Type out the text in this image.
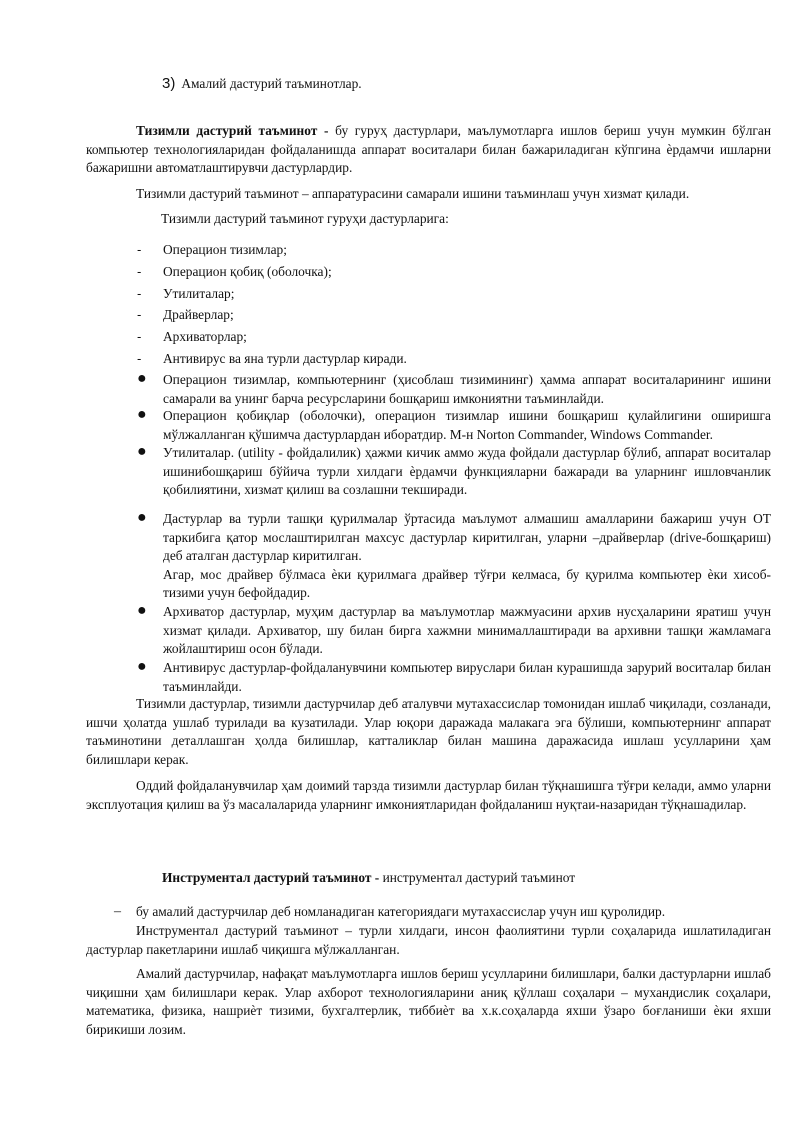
3) Амалий дастурий таъминотлар.

Тизимли дастурий таъминот - бу гуруҳ дастурлари, маълумотларга ишлов бериш учун мумкин бўлган компьютер технологияларидан фойдаланишда аппарат воситалари билан бажариладиган кўпгина ѐрдамчи ишларни бажаришни автоматлаштирувчи дастурлардир.

Тизимли дастурий таъминот – аппаратурасини самарали ишини таъминлаш учун хизмат қилади.

Тизимли дастурий таъминот гуруҳи дастурларига:

-	Операцион тизимлар;
-	Операцион қобиқ (оболочка);
-	Утилиталар;
-	Драйверлар;
-	Архиваторлар;
-	Антивирус ва яна турли дастурлар киради.
●	Операцион тизимлар, компьютернинг (ҳисоблаш тизимининг) ҳамма аппарат воситаларининг ишини самарали ва унинг барча ресурсларини бошқариш имкониятни таъминлайди.
●	Операцион қобиқлар (оболочки), операцион тизимлар ишини бошқариш қулайлигини оширишга мўлжалланган қўшимча дастурлардан иборатдир. М-н Norton Commander, Windows Commander.
●	Утилиталар. (utility - фойдалилик) ҳажми кичик аммо жуда фойдали дастурлар бўлиб, аппарат воситалар ишинибошқариш бўйича турли хилдаги ѐрдамчи функцияларни бажаради ва уларнинг ишловчанлик қобилиятини, хизмат қилиш ва созлашни текширади.
●	Дастурлар ва турли ташқи қурилмалар ўртасида маълумот алмашиш амалларини бажариш учун ОТ таркибига қатор мослаштирилган махсус дастурлар киритилган, уларни –драйверлар (drive-бошқариш) деб аталган дастурлар киритилган.
Агар, мос драйвер бўлмаса ѐки қурилмага драйвер тўғри келмаса, бу қурилма компьютер ѐки хисоб-тизими учун бефойдадир.
●	Архиватор дастурлар, муҳим дастурлар ва маълумотлар мажмуасини архив нусҳаларини яратиш учун хизмат қилади. Архиватор, шу билан бирга хажмни минималлаштиради ва архивни ташқи жамламага жойлаштириш осон бўлади.
●	Антивирус дастурлар-фойдаланувчини компьютер вируслари билан курашишда зарурий воситалар билан таъминлайди.

Тизимли дастурлар, тизимли дастурчилар деб аталувчи мутахассислар томонидан ишлаб чиқилади, созланади, ишчи ҳолатда ушлаб турилади ва кузатилади. Улар юқори даражада малакага эга бўлиши, компьютернинг аппарат таъминотини деталлашган ҳолда билишлар, катталиклар билан машина даражасида ишлаш усулларини ҳам билишлари керак.

Оддий фойдаланувчилар ҳам доимий тарзда тизимли дастурлар билан тўқнашишга тўғри келади, аммо уларни эксплуотация қилиш ва ўз масалаларида уларнинг имкониятларидан фойдаланиш нуқтаи-назаридан тўқнашадилар.

Инструментал дастурий таъминот - инструментал дастурий таъминот

– бу амалий дастурчилар деб номланадиган категориядаги мутахассислар учун иш қуролидир.

Инструментал дастурий таъминот – турли хилдаги, инсон фаолиятини турли соҳаларида ишлатиладиган дастурлар пакетларини ишлаб чиқишга мўлжалланган.

Амалий дастурчилар, нафақат маълумотларга ишлов бериш усулларини билишлари, балки дастурларни ишлаб чиқишни ҳам билишлари керак. Улар ахборот технологияларини аниқ қўллаш соҳалари – мухандислик соҳалари, математика, физика, нашриѐт тизими, бухгалтерлик, тиббиѐт ва х.к.соҳаларда яхши ўзаро боғланиши ѐки яхши бирикиши лозим.
